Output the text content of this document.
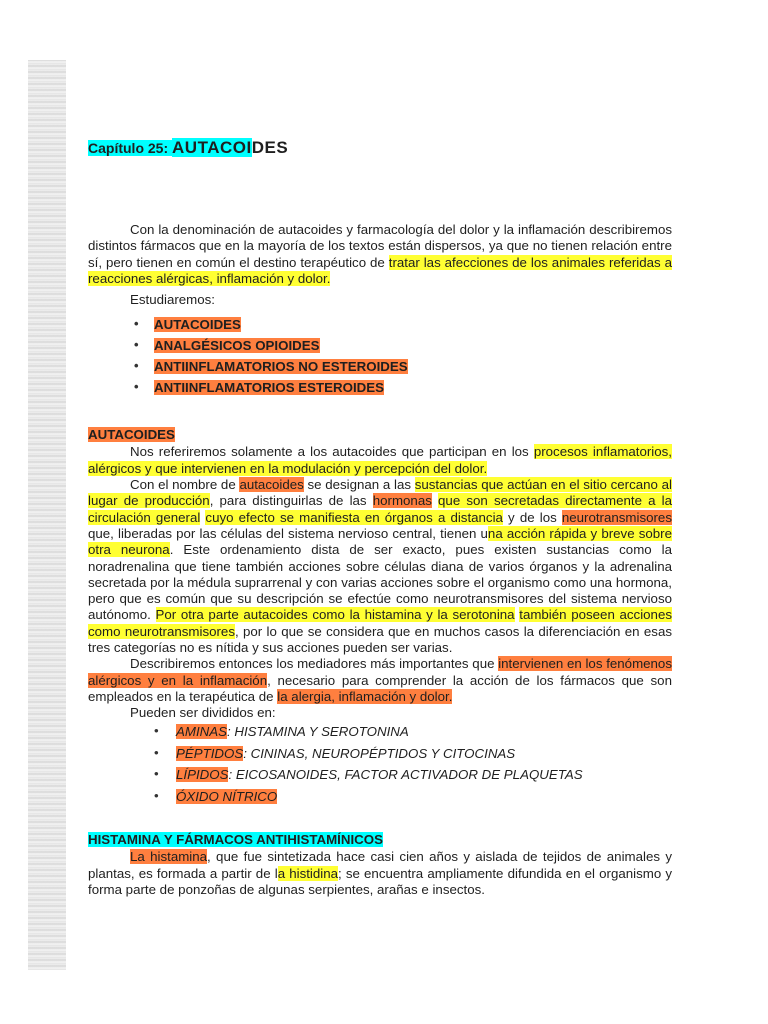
Capítulo 25: AUTACOIDES

Con la denominación de autacoides y farmacología del dolor y la inflamación describiremos distintos fármacos que en la mayoría de los textos están dispersos, ya que no tienen relación entre sí, pero tienen en común el destino terapéutico de tratar las afecciones de los animales referidas a reacciones alérgicas, inflamación y dolor.

Estudiaremos:

• AUTACOIDES
• ANALGÉSICOS OPIOIDES
• ANTIINFLAMATORIOS NO ESTEROIDES
• ANTIINFLAMATORIOS ESTEROIDES
AUTACOIDES

Nos referiremos solamente a los autacoides que participan en los procesos inflamatorios, alérgicos y que intervienen en la modulación y percepción del dolor.

Con el nombre de autacoides se designan a las sustancias que actúan en el sitio cercano al lugar de producción, para distinguirlas de las hormonas que son secretadas directamente a la circulación general cuyo efecto se manifiesta en órganos a distancia y de los neurotransmisores que, liberadas por las células del sistema nervioso central, tienen una acción rápida y breve sobre otra neurona. Este ordenamiento dista de ser exacto, pues existen sustancias como la noradrenalina que tiene también acciones sobre células diana de varios órganos y la adrenalina secretada por la médula suprarrenal y con varias acciones sobre el organismo como una hormona, pero que es común que su descripción se efectúe como neurotransmisores del sistema nervioso autónomo. Por otra parte autacoides como la histamina y la serotonina también poseen acciones como neurotransmisores, por lo que se considera que en muchos casos la diferenciación en esas tres categorías no es nítida y sus acciones pueden ser varias.

Describiremos entonces los mediadores más importantes que intervienen en los fenómenos alérgicos y en la inflamación, necesario para comprender la acción de los fármacos que son empleados en la terapéutica de la alergia, inflamación y dolor.

Pueden ser divididos en:

• AMINAS: HISTAMINA Y SEROTONINA
• PÉPTIDOS: CININAS, NEUROPÉPTIDOS Y CITOCINAS
• LÍPIDOS: EICOSANOIDES, FACTOR ACTIVADOR DE PLAQUETAS
• ÓXIDO NÍTRICO
HISTAMINA Y FÁRMACOS ANTIHISTAMÍNICOS

La histamina, que fue sintetizada hace casi cien años y aislada de tejidos de animales y plantas, es formada a partir de la histidina; se encuentra ampliamente difundida en el organismo y forma parte de ponzoñas de algunas serpientes, arañas e insectos.
